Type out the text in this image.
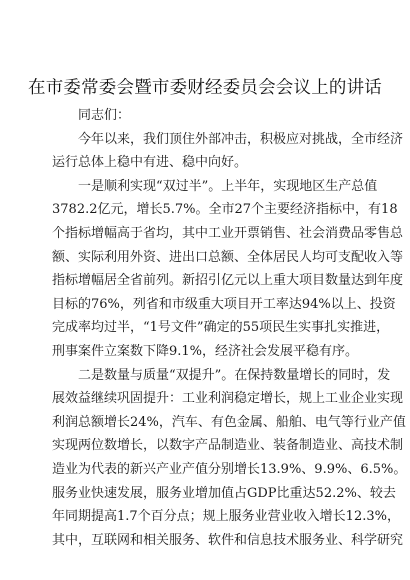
在市委常委会暨市委财经委员会会议上的讲话
同志们：
今年以来，我们顶住外部冲击，积极应对挑战，全市经济
运行总体上稳中有进、稳中向好。
一是顺利实现“双过半”。上半年，实现地区生产总值
3782.2亿元，增长5.7%。全市27个主要经济指标中，有18
个指标增幅高于省均，其中工业开票销售、社会消费品零售总
额、实际利用外资、进出口总额、全体居民人均可支配收入等
指标增幅居全省前列。新招引亿元以上重大项目数量达到年度
目标的76%，列省和市级重大项目开工率达94%以上、投资
完成率均过半，“1号文件”确定的55项民生实事扎实推进，
刑事案件立案数下降9.1%，经济社会发展平稳有序。
二是数量与质量“双提升”。在保持数量增长的同时，发
展效益继续巩固提升：工业利润稳定增长，规上工业企业实现
利润总额增长24%，汽车、有色金属、船舶、电气等行业产值
实现两位数增长，以数字产品制造业、装备制造业、高技术制
造业为代表的新兴产业产值分别增长13.9%、9.9%、6.5%。
服务业快速发展，服务业增加值占GDP比重达52.2%、较去
年同期提高1.7个百分点；规上服务业营业收入增长12.3%，
其中，互联网和相关服务、软件和信息技术服务业、科学研究
